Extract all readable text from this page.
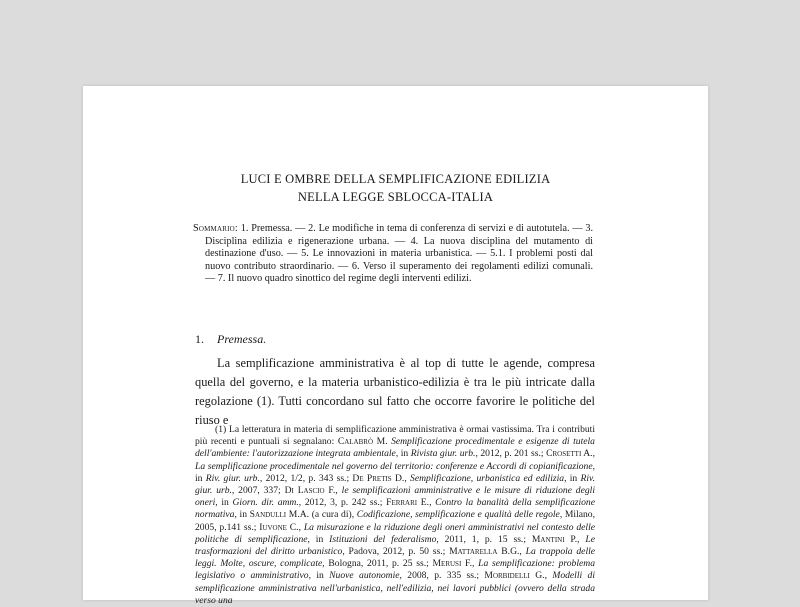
LUCI E OMBRE DELLA SEMPLIFICAZIONE EDILIZIA
NELLA LEGGE SBLOCCA-ITALIA
Sommario: 1. Premessa. — 2. Le modifiche in tema di conferenza di servizi e di autotutela. — 3. Disciplina edilizia e rigenerazione urbana. — 4. La nuova disciplina del mutamento di destinazione d'uso. — 5. Le innovazioni in materia urbanistica. — 5.1. I problemi posti dal nuovo contributo straordinario. — 6. Verso il superamento dei regolamenti edilizi comunali. — 7. Il nuovo quadro sinottico del regime degli interventi edilizi.
1. Premessa.
La semplificazione amministrativa è al top di tutte le agende, compresa quella del governo, e la materia urbanistico-edilizia è tra le più intricate dalla regolazione (1). Tutti concordano sul fatto che occorre favorire le politiche del riuso e
(1) La letteratura in materia di semplificazione amministrativa è ormai vastissima. Tra i contributi più recenti e puntuali si segnalano: Calabrò M. Semplificazione procedimentale e esigenze di tutela dell'ambiente: l'autorizzazione integrata ambientale, in Rivista giur. urb., 2012, p. 201 ss.; Crosetti A., La semplificazione procedimentale nel governo del territorio: conferenze e Accordi di copianificazione, in Riv. giur. urb., 2012, 1/2, p. 343 ss.; De Pretis D., Semplificazione, urbanistica ed edilizia, in Riv. giur. urb., 2007, 337; Di Lascio F., le semplificazioni amministrative e le misure di riduzione degli oneri, in Giorn. dir. amm., 2012, 3, p. 242 ss.; Ferrari E., Contro la banalità della semplificazione normativa, in Sandulli M.A. (a cura di), Codificazione, semplificazione e qualità delle regole, Milano, 2005, p.141 ss.; Iuvone C., La misurazione e la riduzione degli oneri amministrativi nel contesto delle politiche di semplificazione, in Istituzioni del federalismo, 2011, 1, p. 15 ss.; Mantini P., Le trasformazioni del diritto urbanistico, Padova, 2012, p. 50 ss.; Mattarella B.G., La trappola delle leggi. Molte, oscure, complicate, Bologna, 2011, p. 25 ss.; Merusi F., La semplificazione: problema legislativo o amministrativo, in Nuove autonomie, 2008, p. 335 ss.; Morbidelli G., Modelli di semplificazione amministrativa nell'urbanistica, nell'edilizia, nei lavori pubblici (ovvero della strada verso una
